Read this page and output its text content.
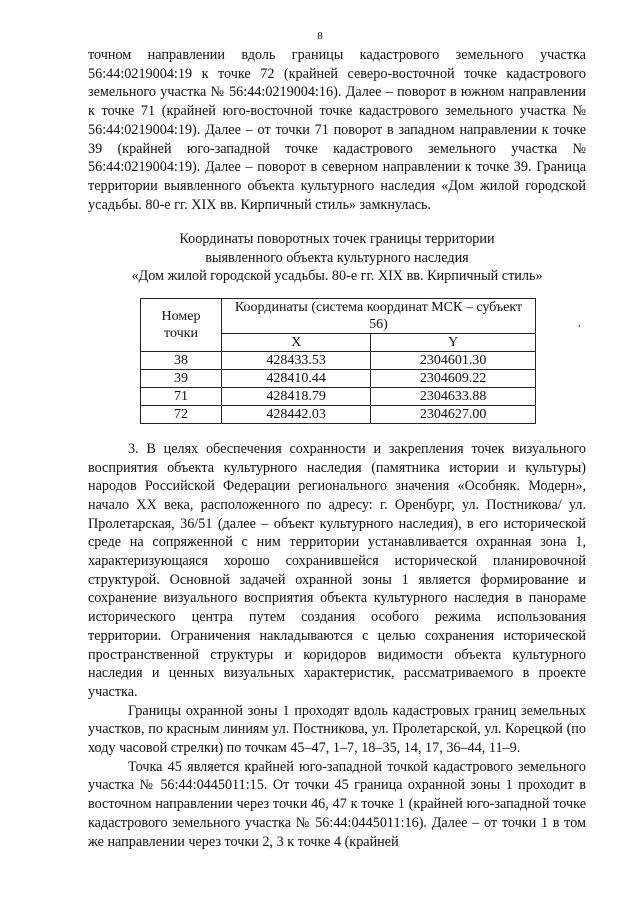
8

точном направлении вдоль границы кадастрового земельного участка 56:44:0219004:19 к точке 72 (крайней северо-восточной точке кадастрового земельного участка № 56:44:0219004:16). Далее – поворот в южном направлении к точке 71 (крайней юго-восточной точке кадастрового земельного участка № 56:44:0219004:19). Далее – от точки 71 поворот в западном направлении к точке 39 (крайней юго-западной точке кадастрового земельного участка № 56:44:0219004:19). Далее – поворот в северном направлении к точке 39. Граница территории выявленного объекта культурного наследия «Дом жилой городской усадьбы. 80-е гг. XIX вв. Кирпичный стиль» замкнулась.

Координаты поворотных точек границы территории
выявленного объекта культурного наследия
«Дом жилой городской усадьбы. 80-е гг. XIX вв. Кирпичный стиль»
Номер точки	Координаты (система координат МСК – субъект 56)	
	X	Y
38	428433.53	2304601.30
39	428410.44	2304609.22
71	428418.79	2304633.88
72	428442.03	2304627.00

3. В целях обеспечения сохранности и закрепления точек визуального восприятия объекта культурного наследия (памятника истории и культуры) народов Российской Федерации регионального значения «Особняк. Модерн», начало XX века, расположенного по адресу: г. Оренбург, ул. Постникова/ ул. Пролетарская, 36/51 (далее – объект культурного наследия), в его исторической среде на сопряженной с ним территории устанавливается охранная зона 1, характеризующаяся хорошо сохранившейся исторической планировочной структурой. Основной задачей охранной зоны 1 является формирование и сохранение визуального восприятия объекта культурного наследия в панораме исторического центра путем создания особого режима использования территории. Ограничения накладываются с целью сохранения исторической пространственной структуры и коридоров видимости объекта культурного наследия и ценных визуальных характеристик, рассматриваемого в проекте участка.

Границы охранной зоны 1 проходят вдоль кадастровых границ земельных участков, по красным линиям ул. Постникова, ул. Пролетарской, ул. Корецкой (по ходу часовой стрелки) по точкам 45–47, 1–7, 18–35, 14, 17, 36–44, 11–9.

Точка 45 является крайней юго-западной точкой кадастрового земельного участка № 56:44:0445011:15. От точки 45 граница охранной зоны 1 проходит в восточном направлении через точки 46, 47 к точке 1 (крайней юго-западной точке кадастрового земельного участка № 56:44:0445011:16). Далее – от точки 1 в том же направлении через точки 2, 3 к точке 4 (крайней

,
